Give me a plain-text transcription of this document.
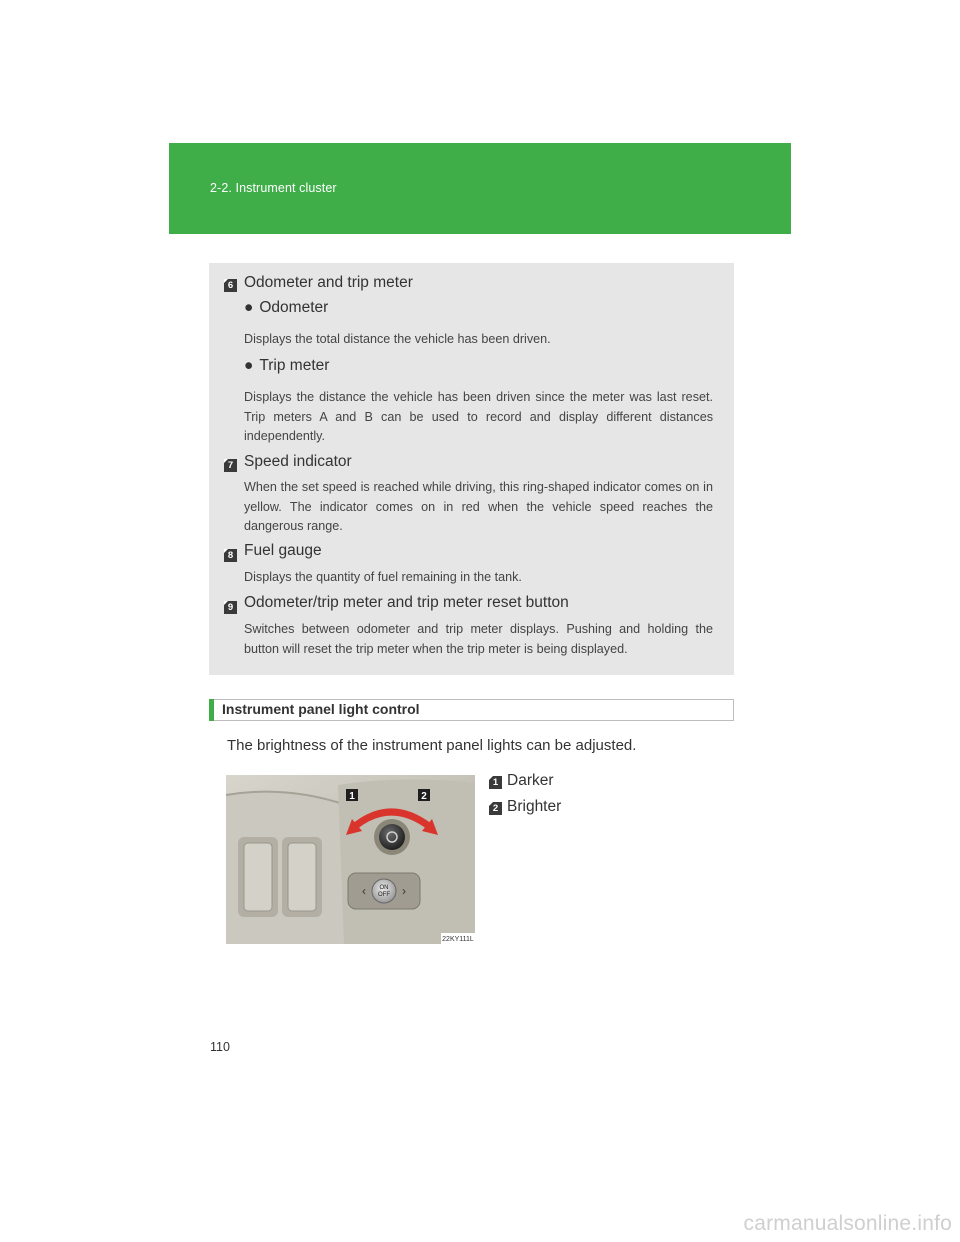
2-2. Instrument cluster
6 Odometer and trip meter
● Odometer
Displays the total distance the vehicle has been driven.
● Trip meter
Displays the distance the vehicle has been driven since the meter was last reset. Trip meters A and B can be used to record and display different distances independently.
7 Speed indicator
When the set speed is reached while driving, this ring-shaped indicator comes on in yellow. The indicator comes on in red when the vehicle speed reaches the dangerous range.
8 Fuel gauge
Displays the quantity of fuel remaining in the tank.
9 Odometer/trip meter and trip meter reset button
Switches between odometer and trip meter displays. Pushing and holding the button will reset the trip meter when the trip meter is being displayed.
Instrument panel light control
The brightness of the instrument panel lights can be adjusted.
ON
OFF
‹	›
1	2
22KY111L
1 Darker
2 Brighter
110
carmanualsonline.info
